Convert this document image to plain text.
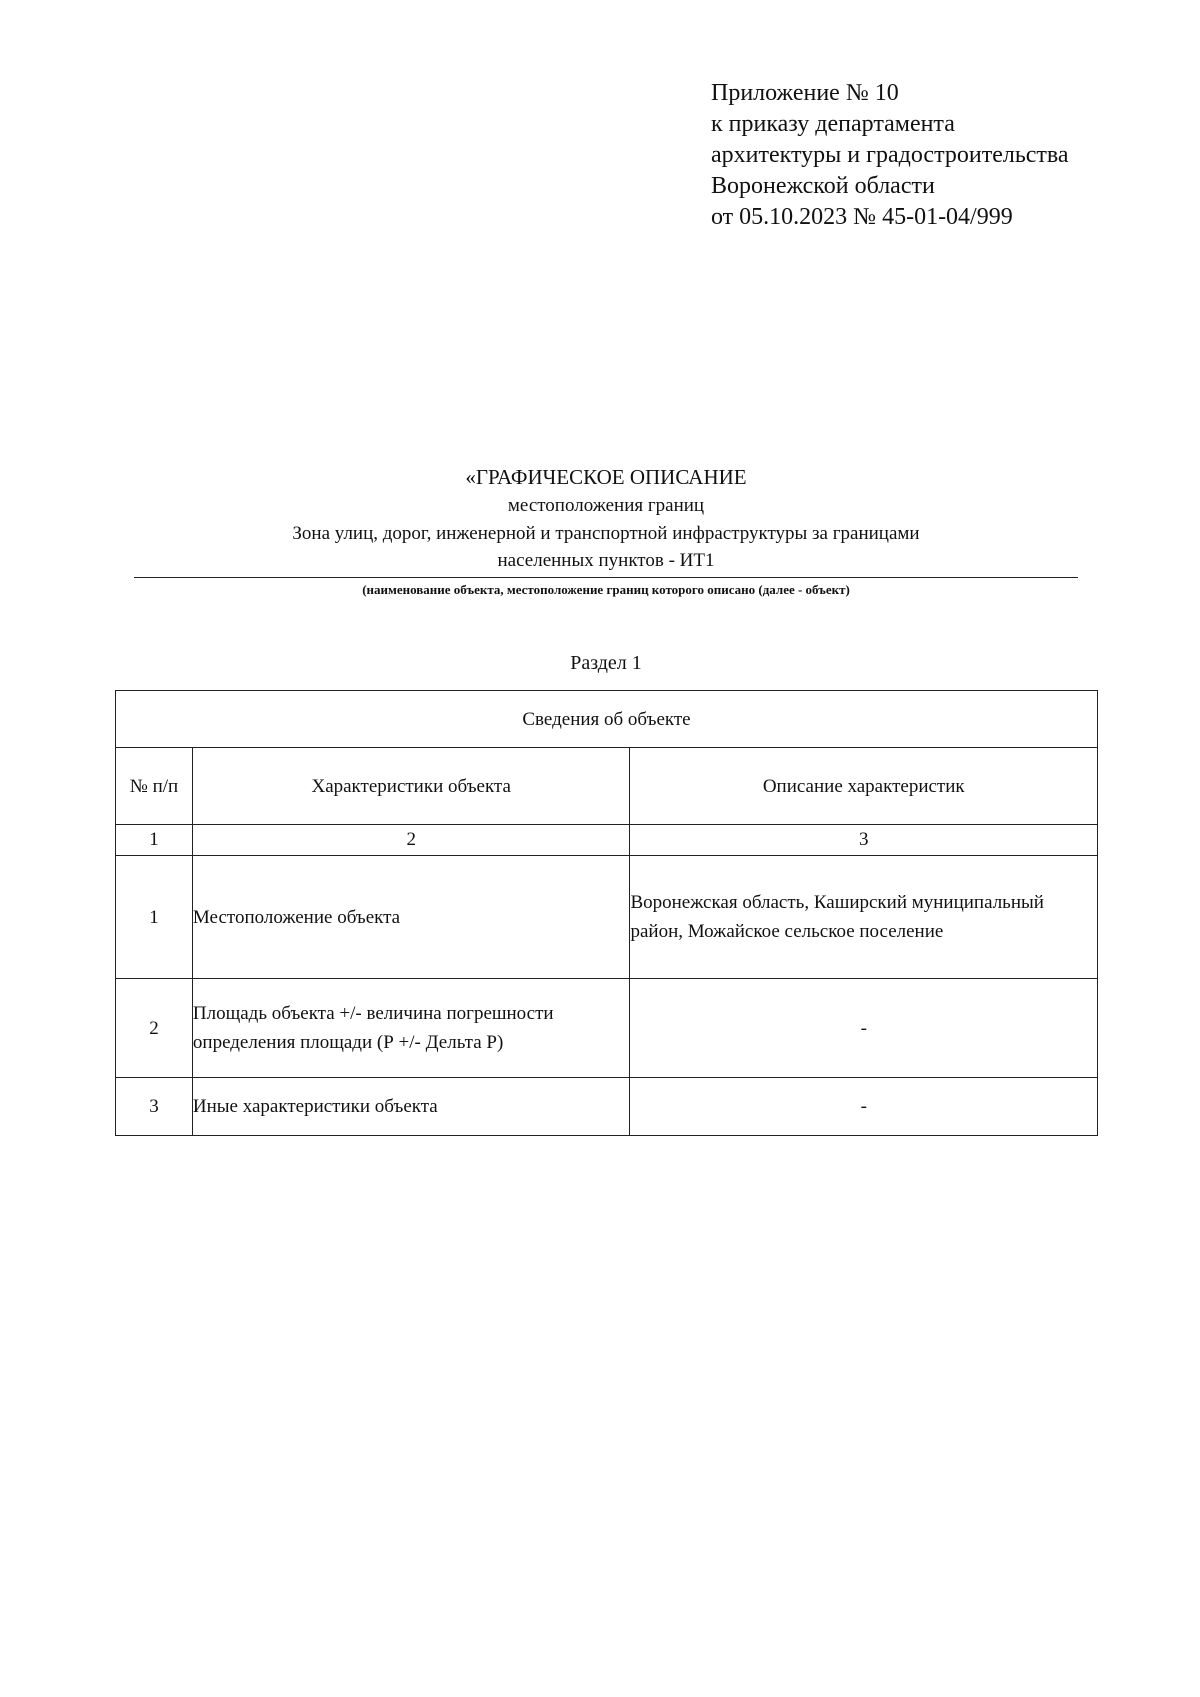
Приложение № 10
к приказу департамента
архитектуры и градостроительства
Воронежской области
от 05.10.2023 № 45-01-04/999
«ГРАФИЧЕСКОЕ ОПИСАНИЕ
местоположения границ
Зона улиц, дорог, инженерной и транспортной инфраструктуры за границами
населенных пунктов - ИТ1
(наименование объекта, местоположение границ которого описано (далее - объект)
Раздел 1
Сведения об объекте		
№ п/п	Характеристики объекта	Описание характеристик
1	2	3
1	Местоположение объекта	Воронежская область, Каширский муниципальный район, Можайское сельское поселение
2	Площадь объекта +/- величина погрешности определения площади (Р +/- Дельта Р)	-
3	Иные характеристики объекта	-
